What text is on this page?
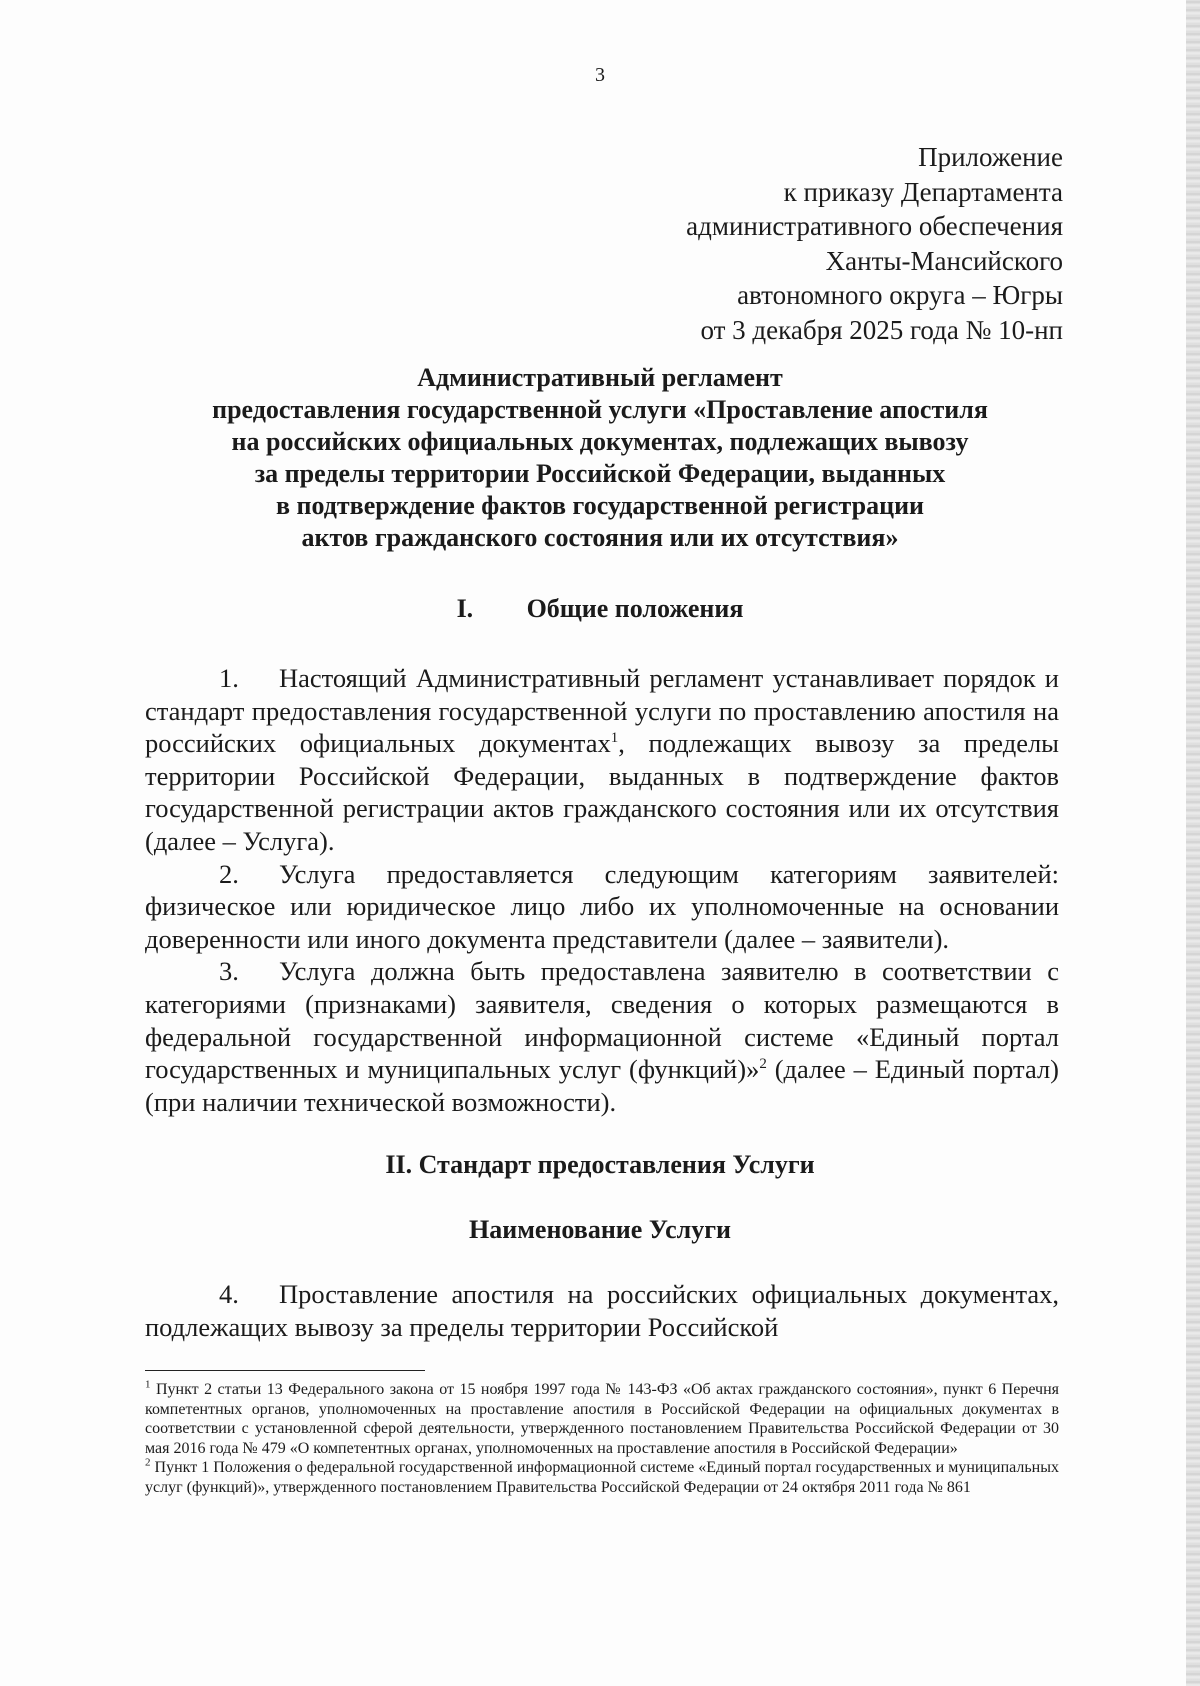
3
Приложение
к приказу Департамента
административного обеспечения
Ханты-Мансийского
автономного округа – Югры
от 3 декабря 2025 года № 10-нп
Административный регламент
предоставления государственной услуги «Проставление апостиля
на российских официальных документах, подлежащих вывозу
за пределы территории Российской Федерации, выданных
в подтверждение фактов государственной регистрации
актов гражданского состояния или их отсутствия»
I. Общие положения

1. Настоящий Административный регламент устанавливает порядок и стандарт предоставления государственной услуги по проставлению апостиля на российских официальных документах$^1$, подлежащих вывозу за пределы территории Российской Федерации, выданных в подтверждение фактов государственной регистрации актов гражданского состояния или их отсутствия (далее – Услуга).

2. Услуга предоставляется следующим категориям заявителей: физическое или юридическое лицо либо их уполномоченные на основании доверенности или иного документа представители (далее – заявители).

3. Услуга должна быть предоставлена заявителю в соответствии с категориями (признаками) заявителя, сведения о которых размещаются в федеральной государственной информационной системе «Единый портал государственных и муниципальных услуг (функций)»$^2$ (далее – Единый портал) (при наличии технической возможности).

II. Стандарт предоставления Услуги
Наименование Услуги

4. Проставление апостиля на российских официальных документах, подлежащих вывозу за пределы территории Российской

$^1$ Пункт 2 статьи 13 Федерального закона от 15 ноября 1997 года № 143-ФЗ «Об актах гражданского состояния», пункт 6 Перечня компетентных органов, уполномоченных на проставление апостиля в Российской Федерации на официальных документах в соответствии с установленной сферой деятельности, утвержденного постановлением Правительства Российской Федерации от 30 мая 2016 года № 479 «О компетентных органах, уполномоченных на проставление апостиля в Российской Федерации»

$^2$ Пункт 1 Положения о федеральной государственной информационной системе «Единый портал государственных и муниципальных услуг (функций)», утвержденного постановлением Правительства Российской Федерации от 24 октября 2011 года № 861
